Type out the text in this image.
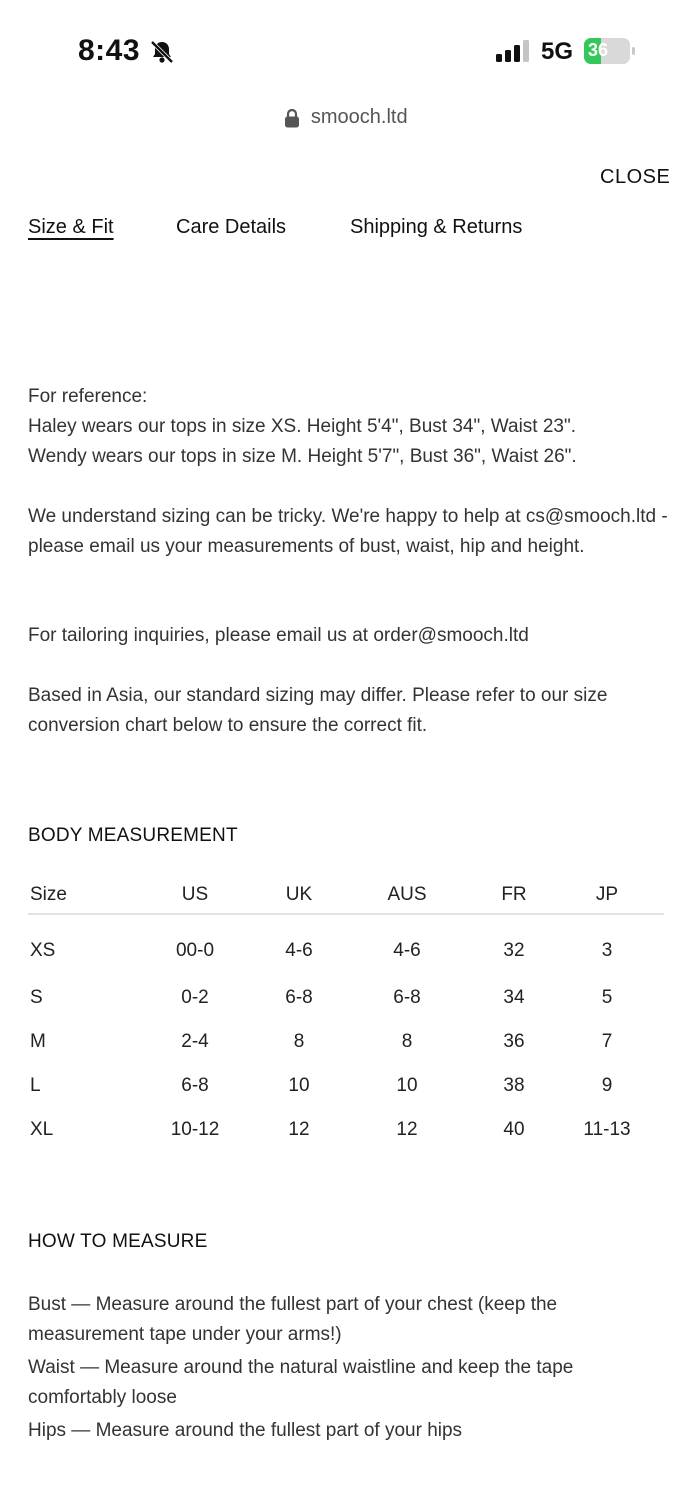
8:43	5G 36
smooch.ltd
CLOSE
Size & Fit	Care Details	Shipping & Returns
For reference:
Haley wears our tops in size XS. Height 5'4", Bust 34", Waist 23".
Wendy wears our tops in size M. Height 5'7", Bust 36", Waist 26".
We understand sizing can be tricky. We're happy to help at cs@smooch.ltd - please email us your measurements of bust, waist, hip and height.
For tailoring inquiries, please email us at order@smooch.ltd
Based in Asia, our standard sizing may differ. Please refer to our size conversion chart below to ensure the correct fit.
BODY MEASUREMENT
Size	US	UK	AUS	FR	JP
XS	00-0	4-6	4-6	32	3
S	0-2	6-8	6-8	34	5
M	2-4	8	8	36	7
L	6-8	10	10	38	9
XL	10-12	12	12	40	11-13
HOW TO MEASURE
Bust — Measure around the fullest part of your chest (keep the measurement tape under your arms!)
Waist — Measure around the natural waistline and keep the tape comfortably loose
Hips — Measure around the fullest part of your hips
